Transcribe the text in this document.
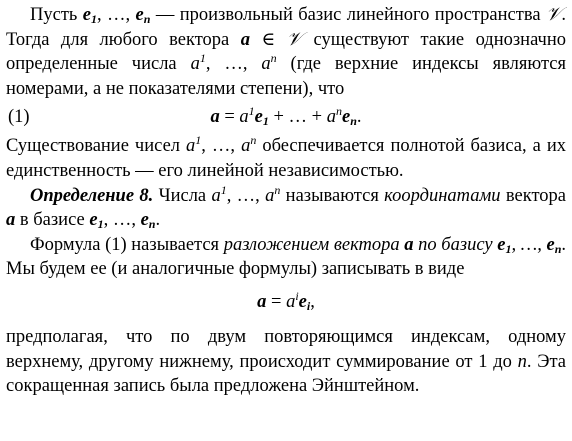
Пусть $e_1$, …, $e_n$ — произвольный базис линейного пространства 𝒱. Тогда для любого вектора a ∈ 𝒱 существуют такие однозначно определенные числа $a^1$, …, $a^n$ (где верхние индексы являются номерами, а не показателями степени), что

(1)	$a = a^1e_1$ + … + $a^ne_n$.

Существование чисел $a^1$, …, $a^n$ обеспечивается полнотой базиса, а их единственность — его линейной независимостью.

Определение 8. Числа $a^1$, …, $a^n$ называются координатами вектора a в базисе $e_1$, …, $e_n$.

Формула (1) называется разложением вектора a по базису $e_1$, …, $e_n$. Мы будем ее (и аналогичные формулы) записывать в виде

$a = a^ie_i$,

предполагая, что по двум повторяющимся индексам, одному верхнему, другому нижнему, происходит суммирование от 1 до n. Эта сокращенная запись была предложена Эйнштейном.
